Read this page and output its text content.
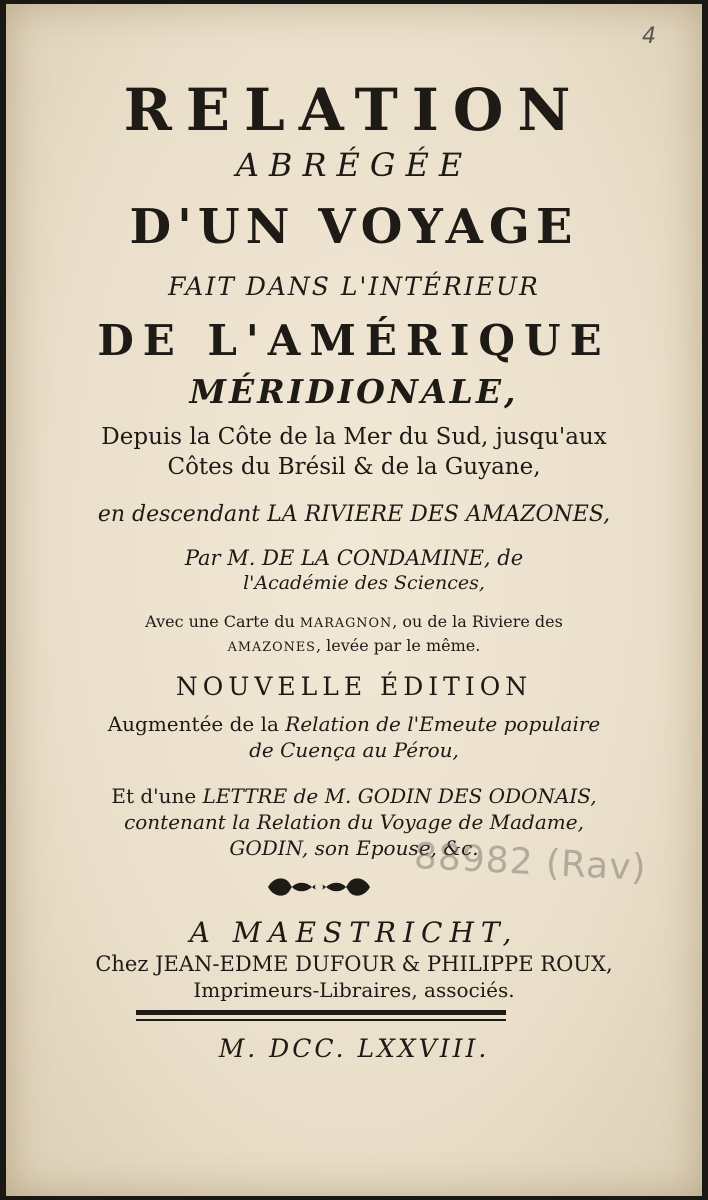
4
RELATION
ABRÉGÉE
D'UN VOYAGE
FAIT DANS L'INTÉRIEUR
DE L'AMÉRIQUE
MÉRIDIONALE,
Depuis la Côte de la Mer du Sud, jusqu'aux
Côtes du Brésil & de la Guyane,
en descendant LA RIVIERE DES AMAZONES,
Par M. DE LA CONDAMINE, de
l'Académie des Sciences,
Avec une Carte du MARAGNON, ou de la Riviere des
AMAZONES, levée par le même.
NOUVELLE ÉDITION
Augmentée de la Relation de l'Emeute populaire
de Cuença au Pérou,
Et d'une LETTRE de M. GODIN DES ODONAIS,
contenant la Relation du Voyage de Madame,
GODIN, son Epouse, &c.
88982 (Rav)
A MAESTRICHT,
Chez JEAN-EDME DUFOUR & PHILIPPE ROUX,
Imprimeurs-Libraires, associés.
M. DCC. LXXVIII.
